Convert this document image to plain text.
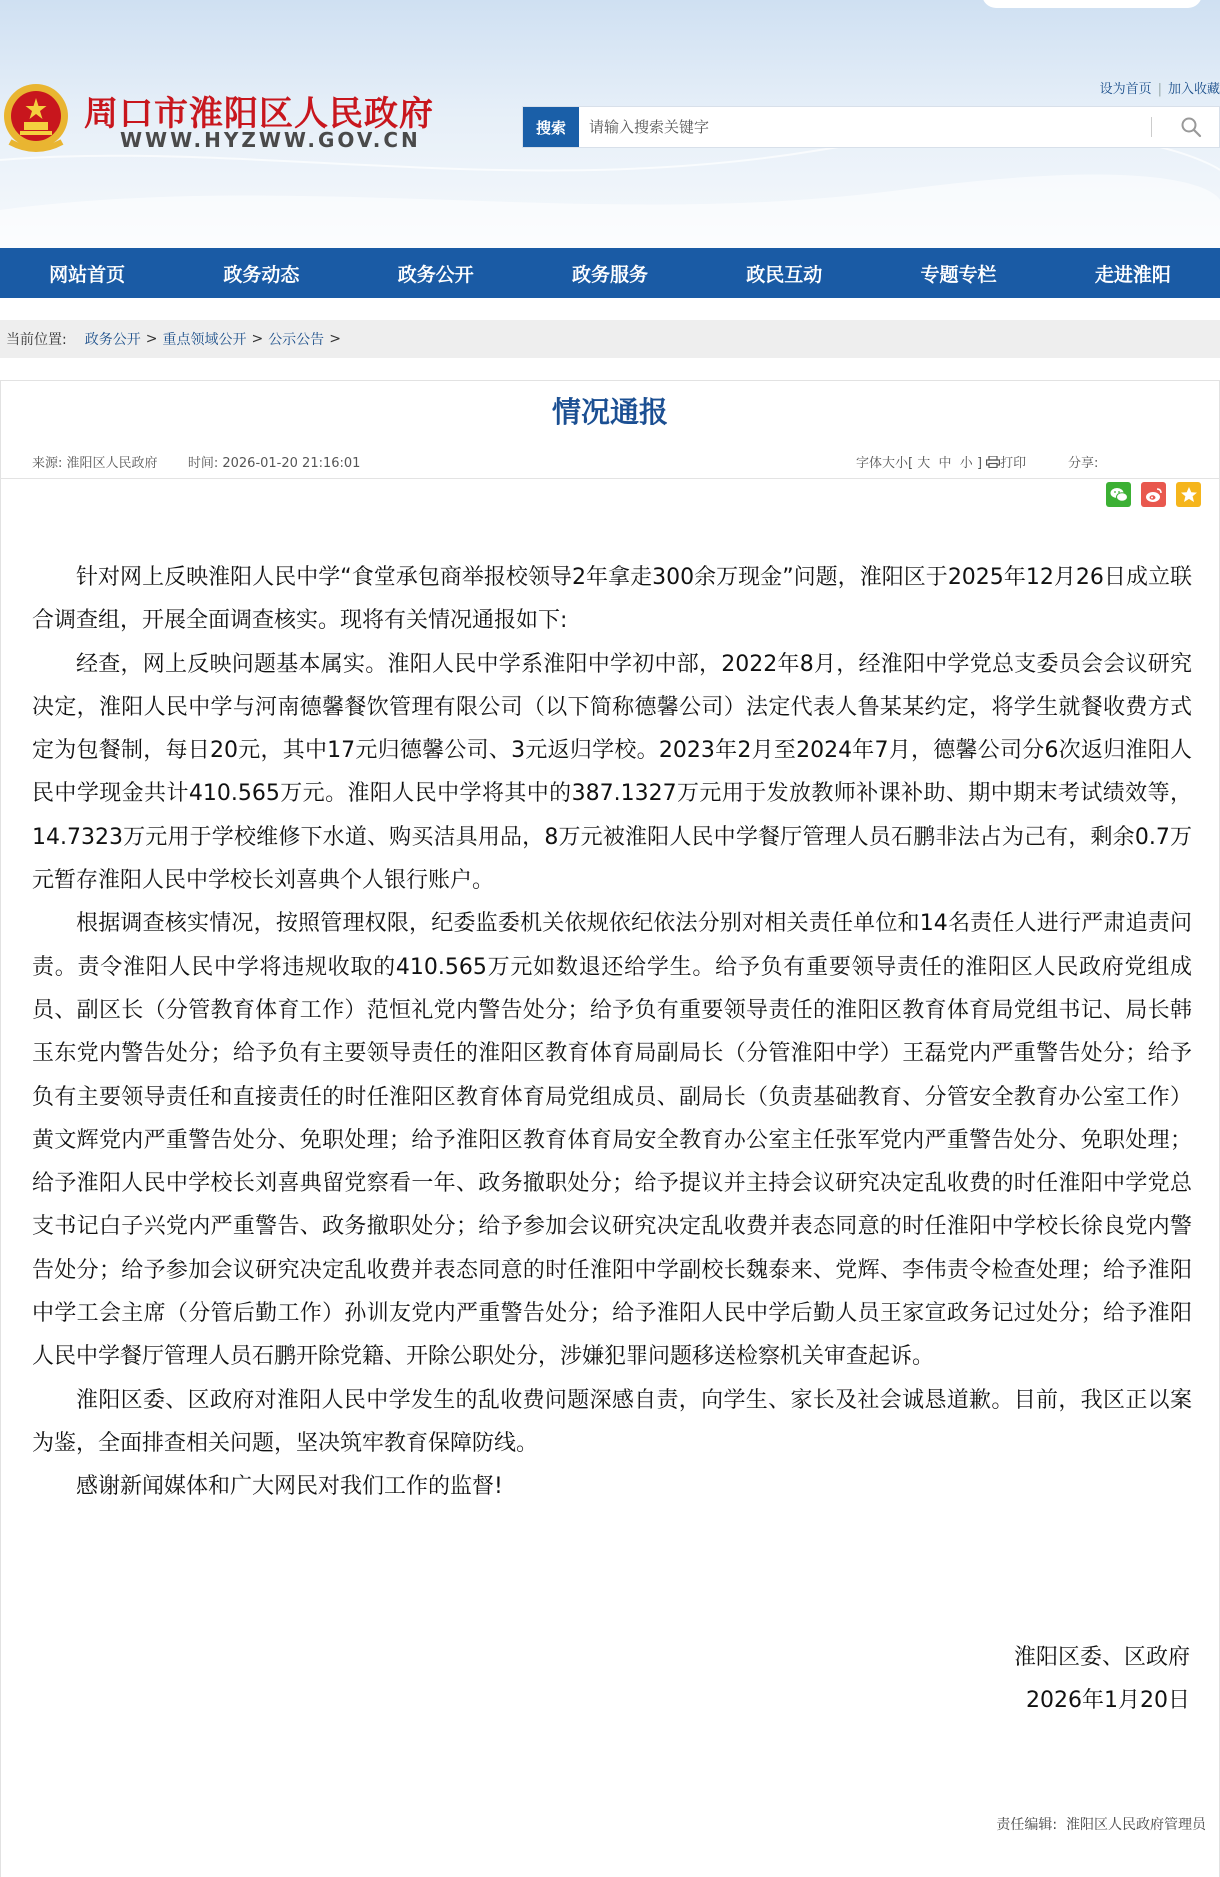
周口市淮阳区人民政府
WWW.HYZWW.GOV.CN
设为首页 | 加入收藏
搜索
请输入搜索关键字
网站首页	政务动态	政务公开	政务服务	政民互动	专题专栏	走进淮阳
当前位置: 政务公开 > 重点领域公开 > 公示公告 >
情况通报
来源: 淮阳区人民政府 时间: 2026-01-20 21:16:01	字体大小[ 大 中 小 ] 打印	分享:

针对网上反映淮阳人民中学“食堂承包商举报校领导2年拿走300余万现金”问题，淮阳区于2025年12月26日成立联合调查组，开展全面调查核实。现将有关情况通报如下:

经查，网上反映问题基本属实。淮阳人民中学系淮阳中学初中部，2022年8月，经淮阳中学党总支委员会会议研究决定，淮阳人民中学与河南德馨餐饮管理有限公司（以下简称德馨公司）法定代表人鲁某某约定，将学生就餐收费方式定为包餐制，每日20元，其中17元归德馨公司、3元返归学校。2023年2月至2024年7月，德馨公司分6次返归淮阳人民中学现金共计410.565万元。淮阳人民中学将其中的387.1327万元用于发放教师补课补助、期中期末考试绩效等，14.7323万元用于学校维修下水道、购买洁具用品，8万元被淮阳人民中学餐厅管理人员石鹏非法占为己有，剩余0.7万元暂存淮阳人民中学校长刘喜典个人银行账户。

根据调查核实情况，按照管理权限，纪委监委机关依规依纪依法分别对相关责任单位和14名责任人进行严肃追责问责。责令淮阳人民中学将违规收取的410.565万元如数退还给学生。给予负有重要领导责任的淮阳区人民政府党组成员、副区长（分管教育体育工作）范恒礼党内警告处分；给予负有重要领导责任的淮阳区教育体育局党组书记、局长韩玉东党内警告处分；给予负有主要领导责任的淮阳区教育体育局副局长（分管淮阳中学）王磊党内严重警告处分；给予负有主要领导责任和直接责任的时任淮阳区教育体育局党组成员、副局长（负责基础教育、分管安全教育办公室工作）黄文辉党内严重警告处分、免职处理；给予淮阳区教育体育局安全教育办公室主任张军党内严重警告处分、免职处理；给予淮阳人民中学校长刘喜典留党察看一年、政务撤职处分；给予提议并主持会议研究决定乱收费的时任淮阳中学党总支书记白子兴党内严重警告、政务撤职处分；给予参加会议研究决定乱收费并表态同意的时任淮阳中学校长徐良党内警告处分；给予参加会议研究决定乱收费并表态同意的时任淮阳中学副校长魏泰来、党辉、李伟责令检查处理；给予淮阳中学工会主席（分管后勤工作）孙训友党内严重警告处分；给予淮阳人民中学后勤人员王家宣政务记过处分；给予淮阳人民中学餐厅管理人员石鹏开除党籍、开除公职处分，涉嫌犯罪问题移送检察机关审查起诉。

淮阳区委、区政府对淮阳人民中学发生的乱收费问题深感自责，向学生、家长及社会诚恳道歉。目前，我区正以案为鉴，全面排查相关问题，坚决筑牢教育保障防线。

感谢新闻媒体和广大网民对我们工作的监督!

淮阳区委、区政府
2026年1月20日
责任编辑: 淮阳区人民政府管理员
